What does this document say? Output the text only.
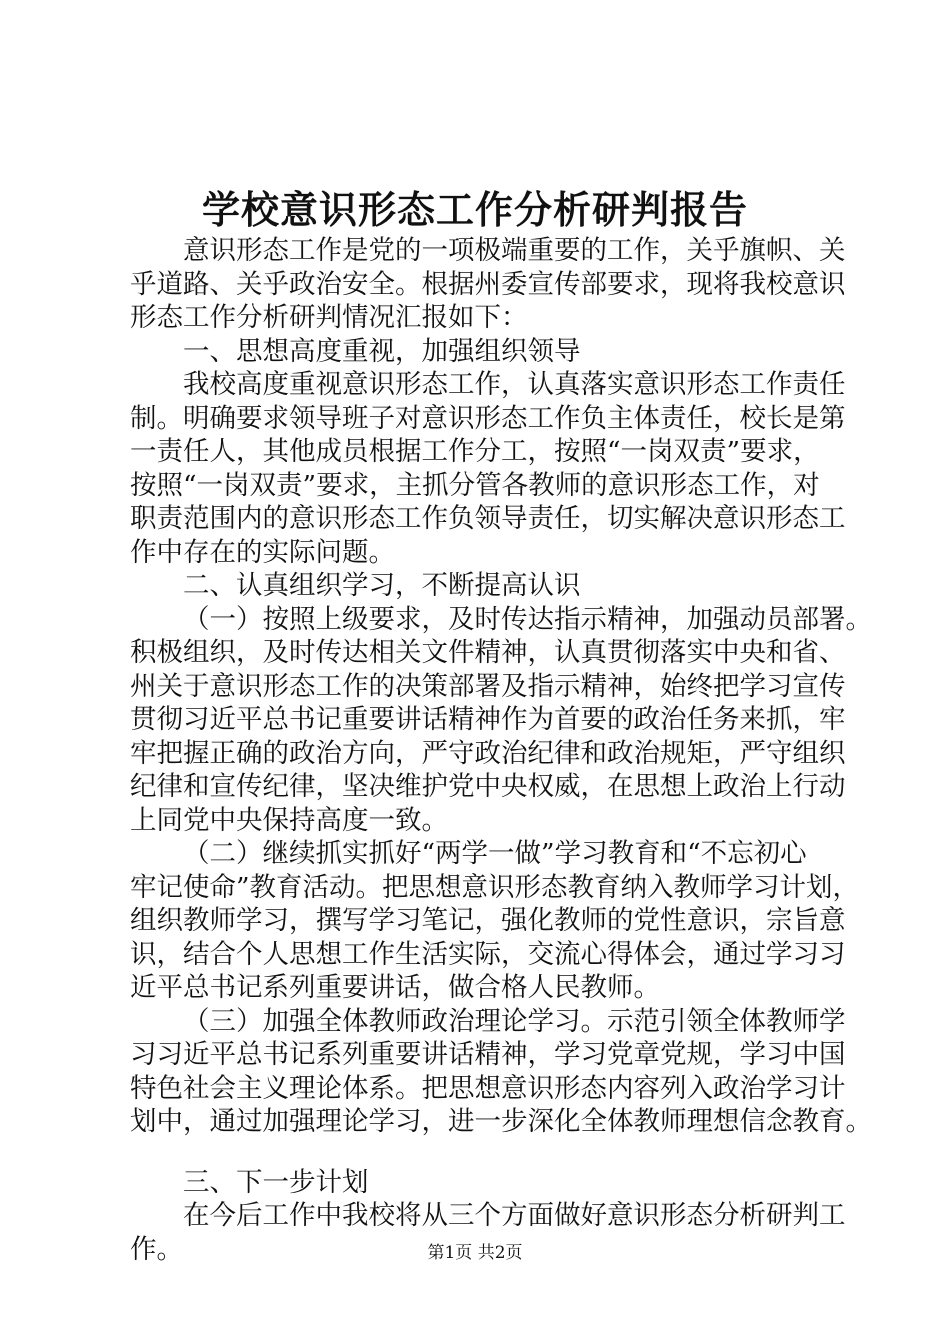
学校意识形态工作分析研判报告
意识形态工作是党的一项极端重要的工作，关乎旗帜、关
乎道路、关乎政治安全。根据州委宣传部要求，现将我校意识
形态工作分析研判情况汇报如下：
一、思想高度重视，加强组织领导
我校高度重视意识形态工作，认真落实意识形态工作责任
制。明确要求领导班子对意识形态工作负主体责任，校长是第
一责任人，其他成员根据工作分工，按照“一岗双责”要求，
按照“一岗双责”要求，主抓分管各教师的意识形态工作，对
职责范围内的意识形态工作负领导责任，切实解决意识形态工
作中存在的实际问题。
二、认真组织学习，不断提高认识
（一）按照上级要求，及时传达指示精神，加强动员部署。
积极组织，及时传达相关文件精神，认真贯彻落实中央和省、
州关于意识形态工作的决策部署及指示精神，始终把学习宣传
贯彻习近平总书记重要讲话精神作为首要的政治任务来抓，牢
牢把握正确的政治方向，严守政治纪律和政治规矩，严守组织
纪律和宣传纪律，坚决维护党中央权威，在思想上政治上行动
上同党中央保持高度一致。
（二）继续抓实抓好“两学一做”学习教育和“不忘初心
牢记使命”教育活动。把思想意识形态教育纳入教师学习计划，
组织教师学习，撰写学习笔记，强化教师的党性意识，宗旨意
识，结合个人思想工作生活实际，交流心得体会，通过学习习
近平总书记系列重要讲话，做合格人民教师。
（三）加强全体教师政治理论学习。示范引领全体教师学
习习近平总书记系列重要讲话精神，学习党章党规，学习中国
特色社会主义理论体系。把思想意识形态内容列入政治学习计
划中，通过加强理论学习，进一步深化全体教师理想信念教育。
三、下一步计划
在今后工作中我校将从三个方面做好意识形态分析研判工
作。	第1页 共2页
